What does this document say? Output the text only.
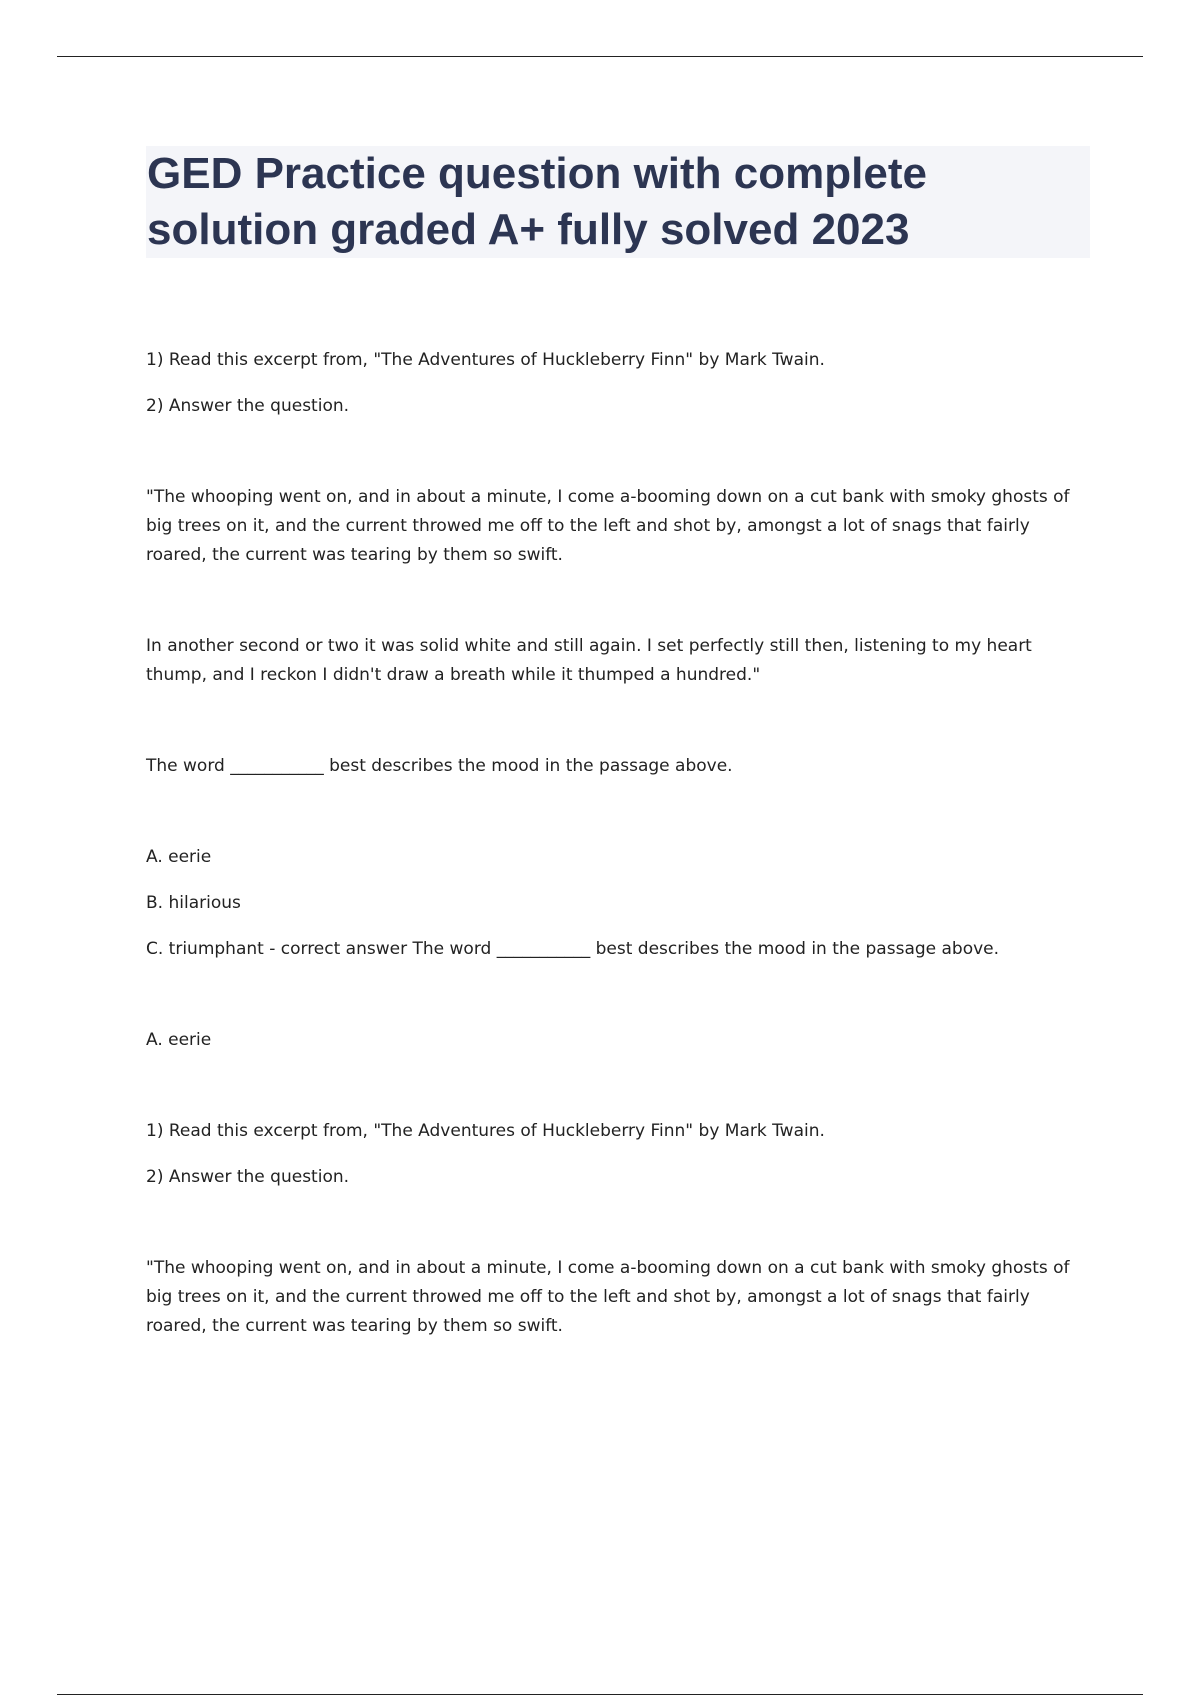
GED Practice question with complete solution graded A+ fully solved 2023

1) Read this excerpt from, "The Adventures of Huckleberry Finn" by Mark Twain.

2) Answer the question.

"The whooping went on, and in about a minute, I come a-booming down on a cut bank with smoky ghosts of big trees on it, and the current throwed me off to the left and shot by, amongst a lot of snags that fairly roared, the current was tearing by them so swift.

In another second or two it was solid white and still again. I set perfectly still then, listening to my heart thump, and I reckon I didn't draw a breath while it thumped a hundred."

The word ___________ best describes the mood in the passage above.

A. eerie

B. hilarious

C. triumphant - correct answer The word ___________ best describes the mood in the passage above.

A. eerie

1) Read this excerpt from, "The Adventures of Huckleberry Finn" by Mark Twain.

2) Answer the question.

"The whooping went on, and in about a minute, I come a-booming down on a cut bank with smoky ghosts of big trees on it, and the current throwed me off to the left and shot by, amongst a lot of snags that fairly roared, the current was tearing by them so swift.
